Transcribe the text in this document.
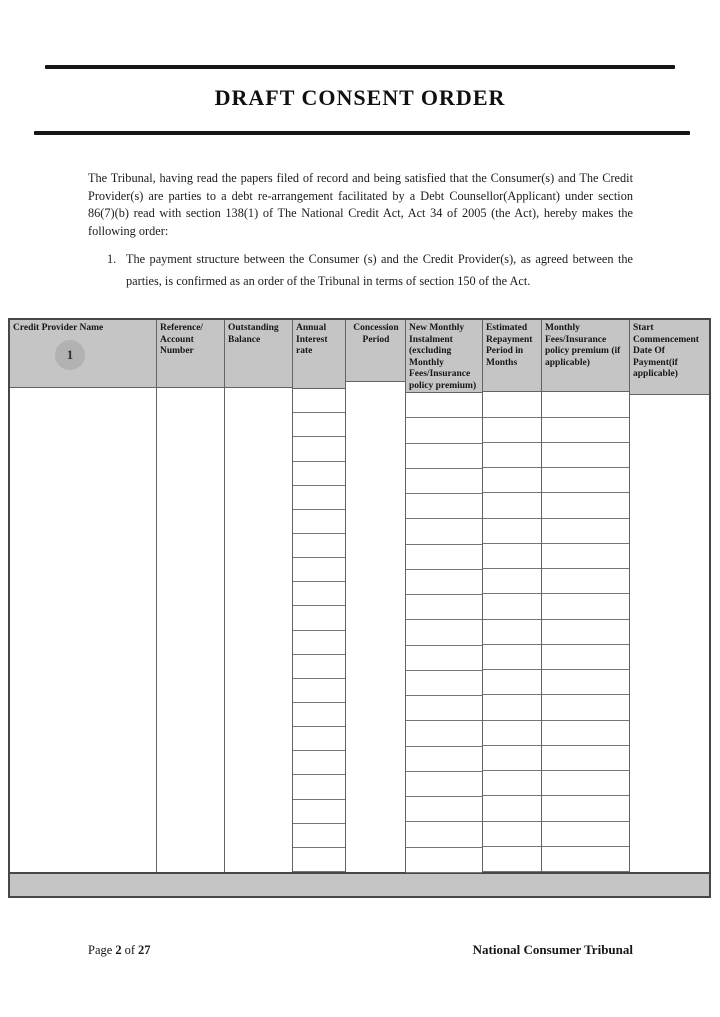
DRAFT CONSENT ORDER

The Tribunal, having read the papers filed of record and being satisfied that the Consumer(s) and The Credit Provider(s) are parties to a debt re-arrangement facilitated by a Debt Counsellor(Applicant) under section 86(7)(b) read with section 138(1) of The National Credit Act, Act 34 of 2005 (the Act), hereby makes the following order:

1. The payment structure between the Consumer (s) and the Credit Provider(s), as agreed between the parties, is confirmed as an order of the Tribunal in terms of section 150 of the Act.
Credit Provider Name
1
Reference/ Account Number
Outstanding Balance
Annual Interest rate
Concession Period
New Monthly Instalment (excluding Monthly Fees/Insurance policy premium)
Estimated Repayment Period in Months
Monthly Fees/Insurance policy premium (if applicable)
Start Commencement Date Of Payment(if applicable)
Page 2 of 27	National Consumer Tribunal
